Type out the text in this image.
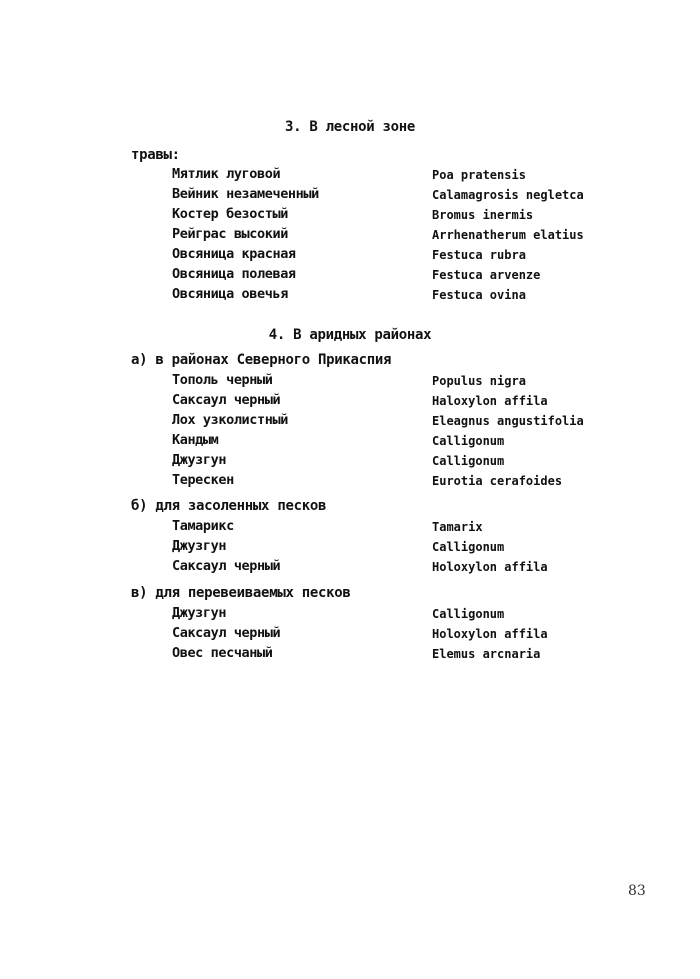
3. В лесной зоне
травы:
Мятлик луговой	Poa pratensis
Вейник незамеченный	Calamagrosis negletca
Костер безостый	Bromus inermis
Рейграс высокий	Arrhenatherum elatius
Овсяница красная	Festuca rubra
Овсяница полевая	Festuca arvenze
Овсяница овечья	Festuca ovina
4. В аридных районах
а) в районах Северного Прикаспия
Тополь черный	Populus nigra
Саксаул черный	Haloxylon affila
Лох узколистный	Eleagnus angustifolia
Кандым	Calligonum
Джузгун	Calligonum
Терескен	Eurotia cerafoides
б) для засоленных песков
Тамарикс	Tamarix
Джузгун	Calligonum
Саксаул черный	Holoxylon affila
в) для перевеиваемых песков
Джузгун	Calligonum
Саксаул черный	Holoxylon affila
Овес песчаный	Elemus arcnaria
83
